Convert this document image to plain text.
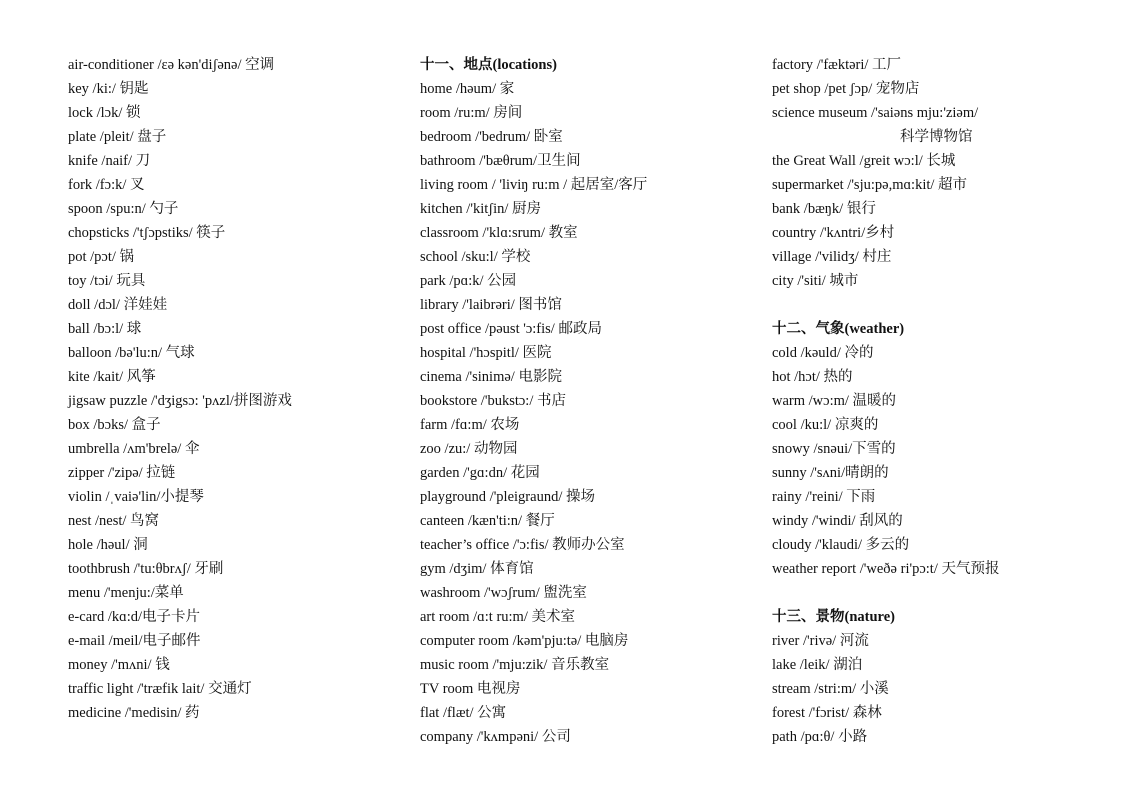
air-conditioner /ɛə kən'diʃənə/ 空调
key /ki:/ 钥匙
lock /lɔk/ 锁
plate /pleit/ 盘子
knife /naif/ 刀
fork /fɔ:k/ 叉
spoon /spu:n/ 勺子
chopsticks /'tʃɔpstiks/ 筷子
pot /pɔt/ 锅
toy /tɔi/ 玩具
doll /dɔl/ 洋娃娃
ball /bɔ:l/ 球
balloon /bə'lu:n/ 气球
kite /kait/ 风筝
jigsaw puzzle /'dʒigsɔ: 'pʌzl/拼图游戏
box /bɔks/ 盒子
umbrella /ʌm'brelə/ 伞
zipper /'zipə/ 拉链
violin /ˌvaiə'lin/小提琴
nest /nest/ 鸟窝
hole /həul/ 洞
toothbrush /'tu:θbrʌʃ/ 牙刷
menu /'menju:/菜单
e-card /kɑ:d/电子卡片
e-mail /meil/电子邮件
money /'mʌni/ 钱
traffic light /'træfik lait/ 交通灯
medicine /'medisin/ 药
十一、地点(locations)
home /həum/ 家
room /ru:m/ 房间
bedroom /'bedrum/ 卧室
bathroom /'bæθrum/卫生间
living room / 'liviŋ ru:m / 起居室/客厅
kitchen /'kitʃin/ 厨房
classroom /'klɑ:srum/ 教室
school /sku:l/ 学校
park /pɑ:k/ 公园
library /'laibrəri/ 图书馆
post office /pəust 'ɔ:fis/ 邮政局
hospital /'hɔspitl/ 医院
cinema /'sinimə/ 电影院
bookstore /'bukstɔ:/ 书店
farm /fɑ:m/ 农场
zoo /zu:/ 动物园
garden /'gɑ:dn/ 花园
playground /'pleigraund/ 操场
canteen /kæn'ti:n/ 餐厅
teacher’s office /'ɔ:fis/ 教师办公室
gym /dʒim/ 体育馆
washroom /'wɔʃrum/ 盥洗室
art room /ɑ:t ru:m/ 美术室
computer room /kəm'pju:tə/ 电脑房
music room /'mju:zik/ 音乐教室
TV room 电视房
flat /flæt/ 公寓
company /'kʌmpəni/ 公司
factory /'fæktəri/ 工厂
pet shop /pet ʃɔp/ 宠物店
science museum /'saiəns mju:'ziəm/
科学博物馆
the Great Wall /greit wɔ:l/ 长城
supermarket /'sju:pə,mɑ:kit/ 超市
bank /bæŋk/ 银行
country /'kʌntri/乡村
village /'vilidʒ/ 村庄
city /'siti/ 城市
十二、气象(weather)
cold /kəuld/ 冷的
hot /hɔt/ 热的
warm /wɔ:m/ 温暖的
cool /ku:l/ 凉爽的
snowy /snəui/下雪的
sunny /'sʌni/晴朗的
rainy /'reini/ 下雨
windy /'windi/ 刮风的
cloudy /'klaudi/ 多云的
weather report /'weðə ri'pɔ:t/ 天气预报
十三、景物(nature)
river /'rivə/ 河流
lake /leik/ 湖泊
stream /stri:m/ 小溪
forest /'fɔrist/ 森林
path /pɑ:θ/ 小路
